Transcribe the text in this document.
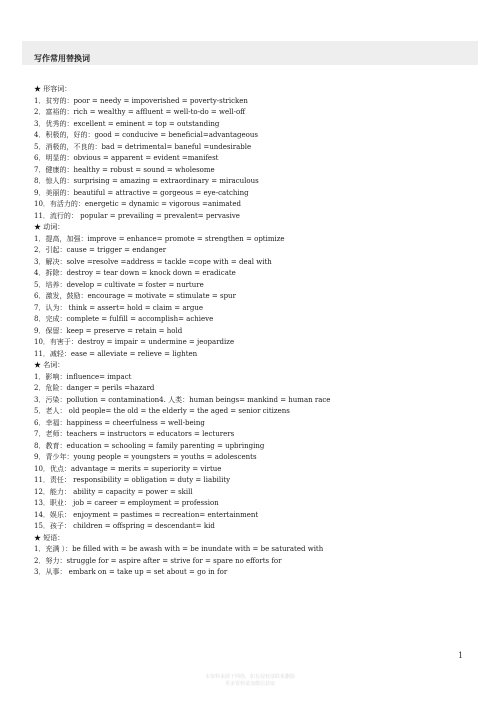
写作常用替换词
★ 形容词：
1．贫穷的：poor = needy = impoverished = poverty-stricken
2．富裕的：rich = wealthy = affluent = well-to-do = well-off
3．优秀的：excellent = eminent = top = outstanding
4．积极的，好的：good = conducive = beneficial=advantageous
5．消极的，不良的：bad = detrimental= baneful =undesirable
6．明显的：obvious = apparent = evident =manifest
7．健康的：healthy = robust = sound = wholesome
8．惊人的：surprising = amazing = extraordinary = miraculous
9．美丽的：beautiful = attractive = gorgeous = eye-catching
10．有活力的：energetic = dynamic = vigorous =animated
11．流行的： popular = prevailing = prevalent= pervasive
★ 动词：
1．提高，加强：improve = enhance= promote = strengthen = optimize
2．引起：cause = trigger = endanger
3．解决：solve =resolve =address = tackle =cope with = deal with
4．拆除：destroy = tear down = knock down = eradicate
5．培养：develop = cultivate = foster = nurture
6．激发，鼓励：encourage = motivate = stimulate = spur
7．认为： think = assert= hold = claim = argue
8．完成：complete = fulfill = accomplish= achieve
9．保留：keep = preserve = retain = hold
10．有害于：destroy = impair = undermine = jeopardize
11．减轻：ease = alleviate = relieve = lighten
★ 名词：
1．影响：influence= impact
2．危险：danger = perils =hazard
3．污染：pollution = contamination4. 人类：human beings= mankind = human race
5．老人： old people= the old = the elderly = the aged = senior citizens
6．幸福：happiness = cheerfulness = well-being
7．老师：teachers = instructors = educators = lecturers
8．教育：education = schooling = family parenting = upbringing
9．青少年：young people = youngsters = youths = adolescents
10．优点：advantage = merits = superiority = virtue
11．责任： responsibility = obligation = duty = liability
12．能力： ability = capacity = power = skill
13．职业： job = career = employment = profession
14．娱乐： enjoyment = pastimes = recreation= entertainment
15．孩子： children = offspring = descendant= kid
★ 短语：
1．充满 ）：be filled with = be awash with = be inundate with = be saturated with
2．努力：struggle for = aspire after = strive for = spare no efforts for
3．从事： embark on = take up = set about = go in for
1
本资料来源于网络，如有侵权请联系删除
更多资料请加微信获取
